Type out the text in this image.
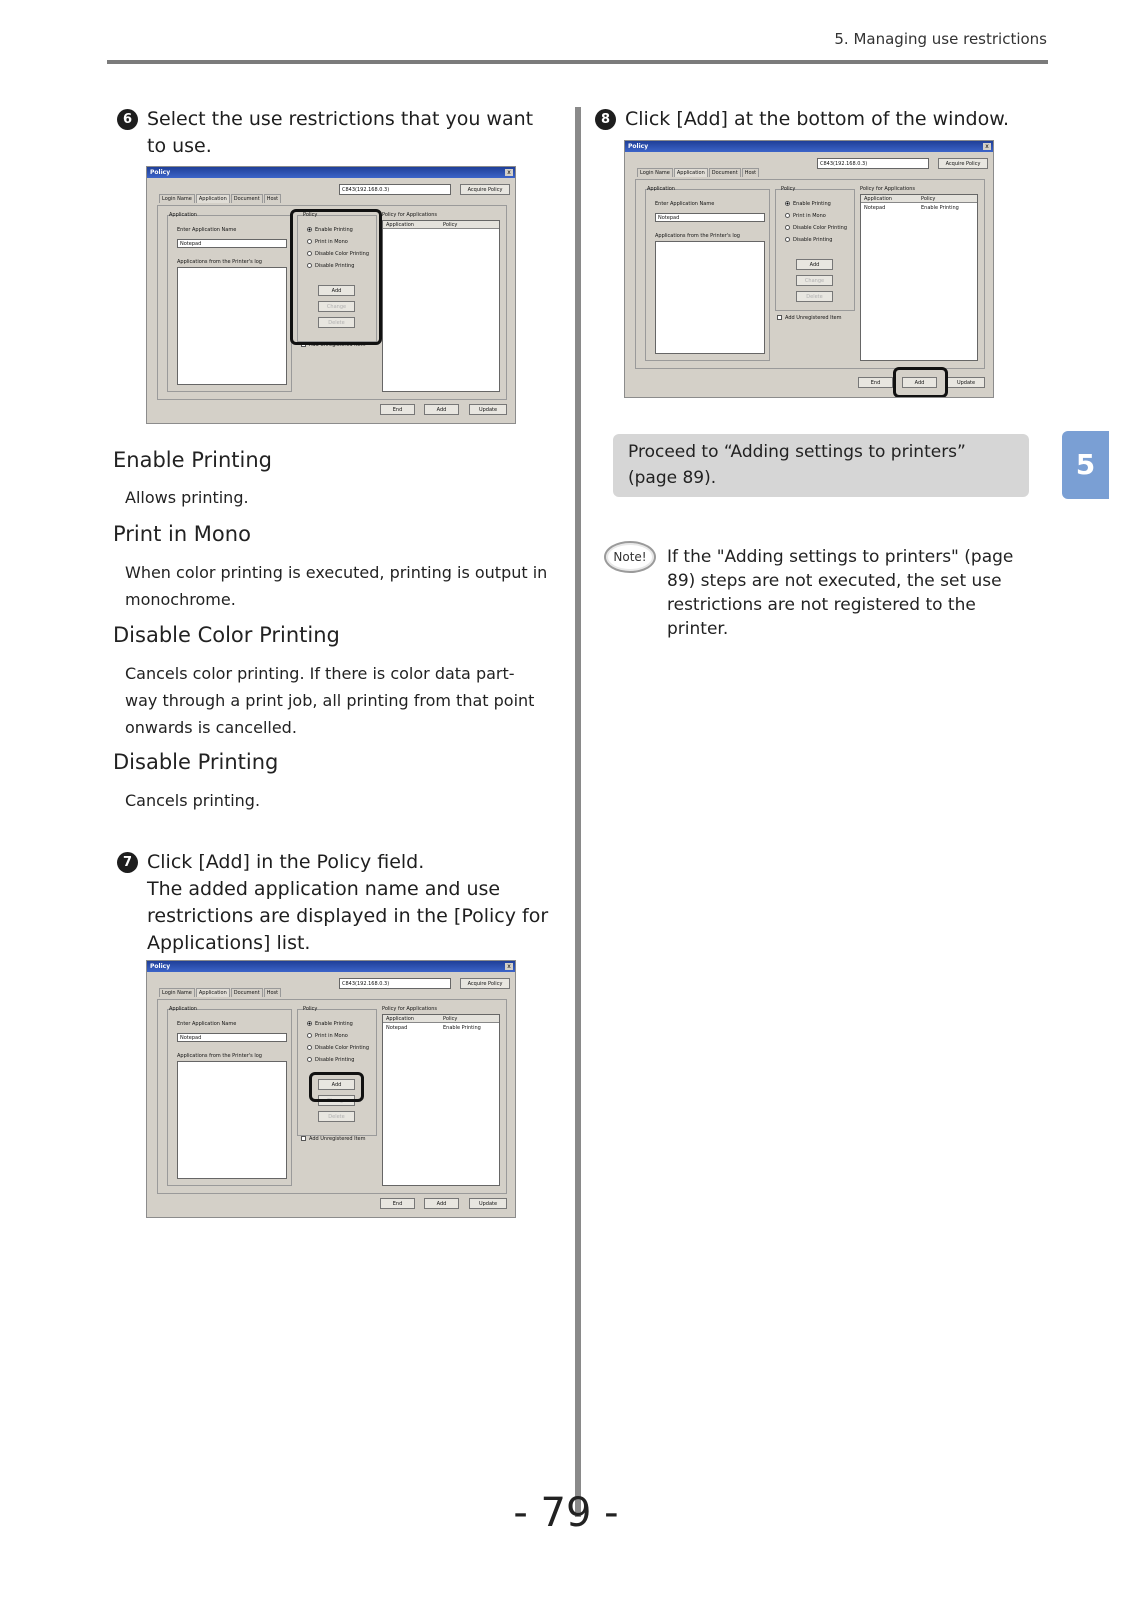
5. Managing use restrictions
6 Select the use restrictions that you want to use.
Policy	x
C843(192.168.0.3)	Acquire Policy
Login Name Application Document Host
Application
Enter Application Name
Notepad
Applications from the Printer's log
Policy
Enable Printing
Print in Mono
Disable Color Printing
Disable Printing
Add
Change
Delete
Add Unregistered Item
Policy for Applications
Application	Policy
End	Add	Update
Enable Printing
Allows printing.
Print in Mono
When color printing is executed, printing is output in monochrome.
Disable Color Printing
Cancels color printing. If there is color data part-way through a print job, all printing from that point onwards is cancelled.
Disable Printing
Cancels printing.
7 Click [Add] in the Policy field.
The added application name and use restrictions are displayed in the [Policy for Applications] list.
Policy	x
C843(192.168.0.3)	Acquire Policy
Login Name Application Document Host
Application
Enter Application Name
Notepad
Applications from the Printer's log
Policy
Enable Printing
Print in Mono
Disable Color Printing
Disable Printing
Add
Change
Delete
Add Unregistered Item
Policy for Applications
Application	Policy
Notepad	Enable Printing
End	Add	Update
8 Click [Add] at the bottom of the window.
Policy	x
C843(192.168.0.3)	Acquire Policy
Login Name Application Document Host
Application
Enter Application Name
Notepad
Applications from the Printer's log
Policy
Enable Printing
Print in Mono
Disable Color Printing
Disable Printing
Add
Change
Delete
Add Unregistered Item
Policy for Applications
Application	Policy
Notepad	Enable Printing
End	Add	Update
Proceed to “Adding settings to printers” (page 89).	5
Note!	If the "Adding settings to printers" (page 89) steps are not executed, the set use restrictions are not registered to the printer.
- 79 -
